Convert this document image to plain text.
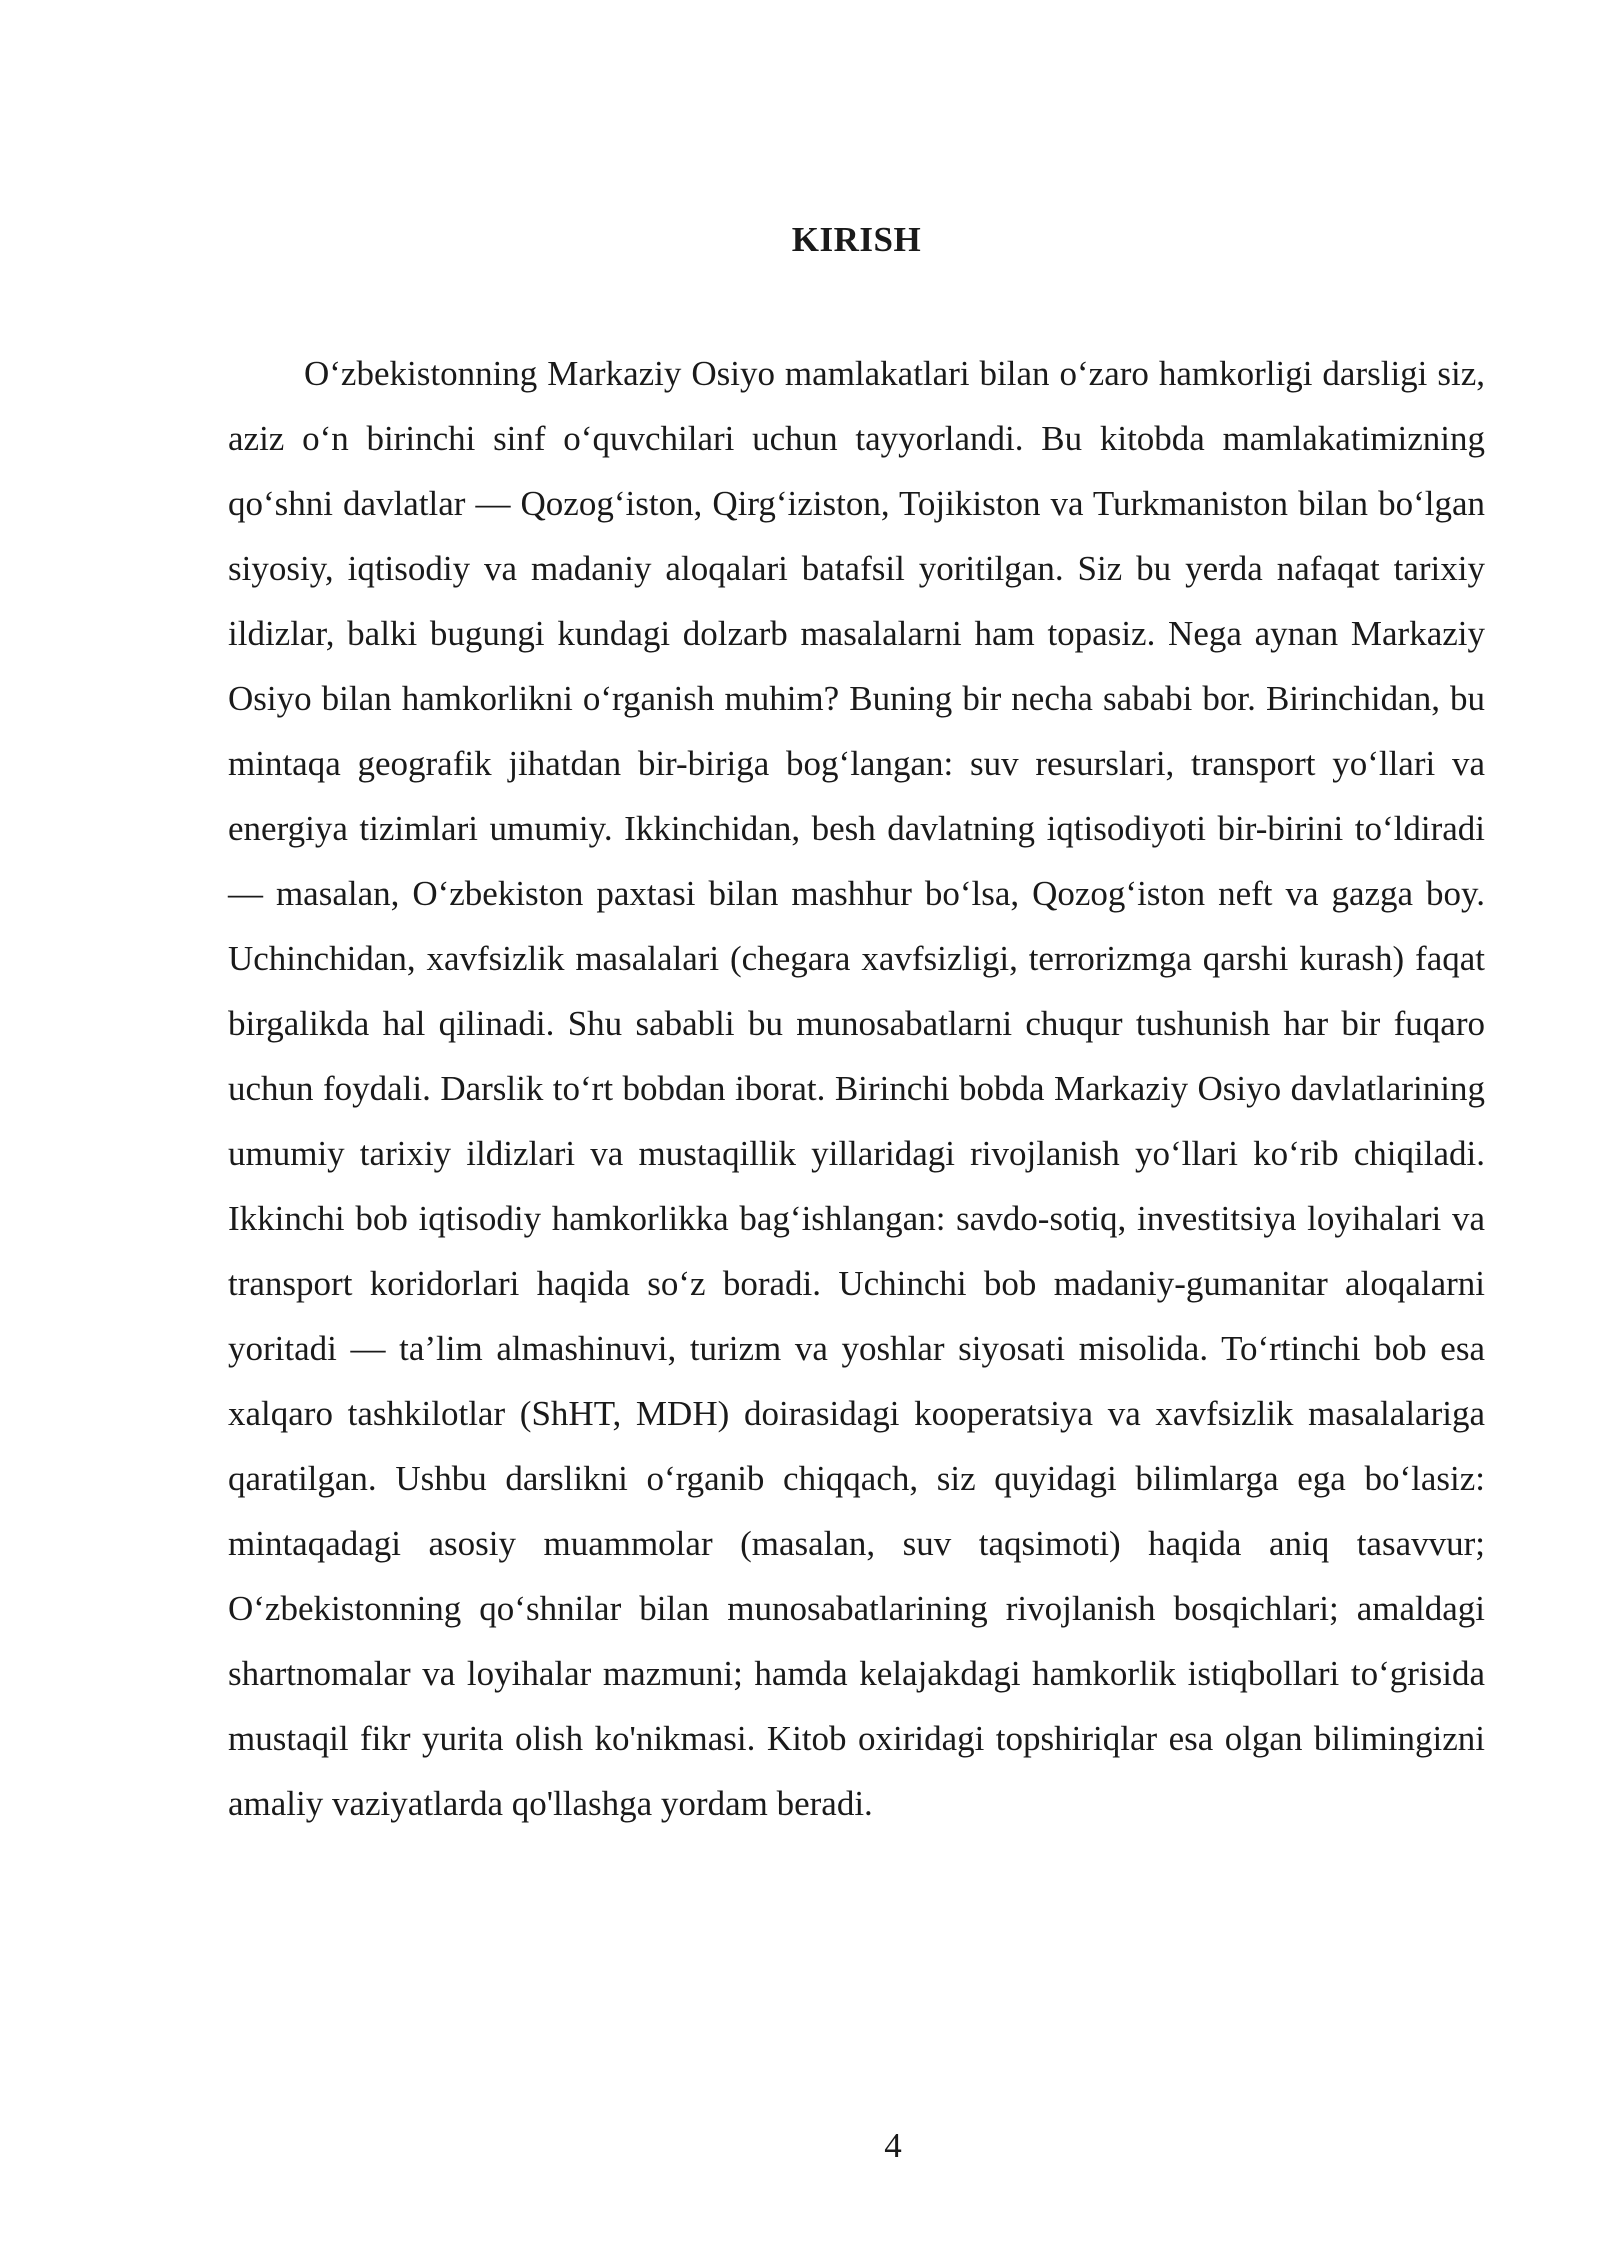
KIRISH

O‘zbekistonning Markaziy Osiyo mamlakatlari bilan o‘zaro hamkorligi darsligi siz, aziz o‘n birinchi sinf o‘quvchilari uchun tayyorlandi. Bu kitobda mamlakatimizning qo‘shni davlatlar — Qozog‘iston, Qirg‘iziston, Tojikiston va Turkmaniston bilan bo‘lgan siyosiy, iqtisodiy va madaniy aloqalari batafsil yoritilgan. Siz bu yerda nafaqat tarixiy ildizlar, balki bugungi kundagi dolzarb masalalarni ham topasiz. Nega aynan Markaziy Osiyo bilan hamkorlikni o‘rganish muhim? Buning bir necha sababi bor. Birinchidan, bu mintaqa geografik jihatdan bir-biriga bog‘langan: suv resurslari, transport yo‘llari va energiya tizimlari umumiy. Ikkinchidan, besh davlatning iqtisodiyoti bir-birini to‘ldiradi — masalan, O‘zbekiston paxtasi bilan mashhur bo‘lsa, Qozog‘iston neft va gazga boy. Uchinchidan, xavfsizlik masalalari (chegara xavfsizligi, terrorizmga qarshi kurash) faqat birgalikda hal qilinadi. Shu sababli bu munosabatlarni chuqur tushunish har bir fuqaro uchun foydali. Darslik to‘rt bobdan iborat. Birinchi bobda Markaziy Osiyo davlatlarining umumiy tarixiy ildizlari va mustaqillik yillaridagi rivojlanish yo‘llari ko‘rib chiqiladi. Ikkinchi bob iqtisodiy hamkorlikka bag‘ishlangan: savdo-sotiq, investitsiya loyihalari va transport koridorlari haqida so‘z boradi. Uchinchi bob madaniy-gumanitar aloqalarni yoritadi — ta’lim almashinuvi, turizm va yoshlar siyosati misolida. To‘rtinchi bob esa xalqaro tashkilotlar (ShHT, MDH) doirasidagi kooperatsiya va xavfsizlik masalalariga qaratilgan. Ushbu darslikni o‘rganib chiqqach, siz quyidagi bilimlarga ega bo‘lasiz: mintaqadagi asosiy muammolar (masalan, suv taqsimoti) haqida aniq tasavvur; O‘zbekistonning qo‘shnilar bilan munosabatlarining rivojlanish bosqichlari; amaldagi shartnomalar va loyihalar mazmuni; hamda kelajakdagi hamkorlik istiqbollari to‘grisida mustaqil fikr yurita olish ko'nikmasi. Kitob oxiridagi topshiriqlar esa olgan bilimingizni amaliy vaziyatlarda qo'llashga yordam beradi.

4
